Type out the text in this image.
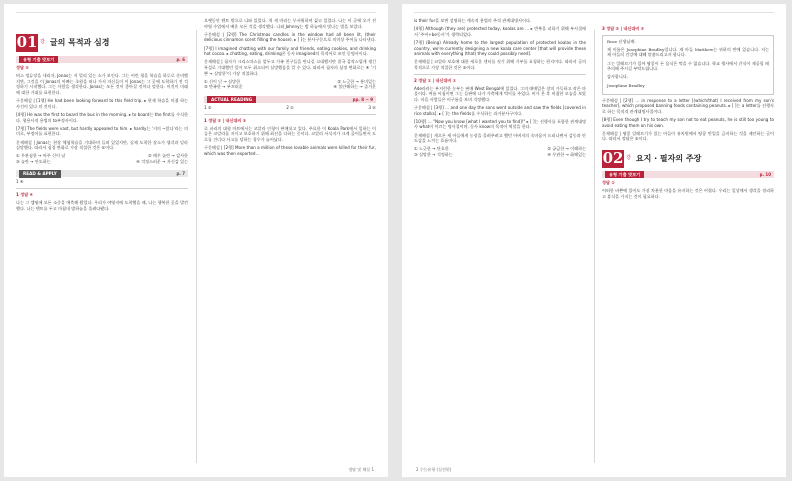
01 강 글의 목적과 심경
유형 기출 맛보기	p. 6

정답 ⑤

버스 정류장을 내리자, Jonas는 저 멀리 있는 소가 보인다. 그는 어린 형을 학습을 하루로 준비했지만, 그것을 이 Jonas의 아빠는 초원을 떠나 가서 자신들이 이 Jonas는 그 곳에 도착하기 전 걱정하기 시작했다. 그는 사람을 생각한다. Jonas는 모든 것이 좋아질 것이다 말한다. 이것이 미래에 대한 기대를 표현한다.

구문해설 | [1행] He had been looking forward to this field trip. ▸ 현재 학습을 마쳤 하는 사건이 있다 의 것이다.

[4행] He was the first to board the bus in the morning. ▸ to board는 the first를 수식한다. 형용사적 용법의 to부정사이다.

[7행] The fields were vast, but hardly appealed to him. ▸ hardly는 '거의 ~않다'라는 의미로, 부정어를 표현한다.

문제해설 | Jonas는 현장 체험학습을 기대하며 들떠 있었지만, 실제 도착한 장소가 생각과 달라 실망했다. 따라서 심경 변화로 가장 적절한 것은 ⑤이다.

① 무관심한 → 아주 신이 남	② 매우 놀란 → 감사한
③ 놀란 → 안도하는	④ 걱정스러운 → 자신감 있는
READ & APPLY	p. 7

1 ④

1 정답 ④

나는 그 캠핑에 모든 소중을 예측해 왔었다. 우리가 야영지에 도착했을 때, 나는 행복한 곳을 발견했다. 나는 텐트를 두고 마침내 밤하늘을 올려다봤다.

오랫동안 텐트 밖으로 나와 있었다. 개 세 마리는 무서워하며 짖고 있었다. 나는 이 곳에 오기 전 야영 수업에서 배운 모든 것을 생각했다. 나와 Johnny는 밤 하늘에서 빛나는 별을 보았다.

구문해설 | [2행] The Christmas candles in the window had all been lit, (their delicious cinnamon scent filling the house). ▸ [ ]는 분사구문으로 의미상 주어를 나타낸다.

[7행] I imagined chatting with our family and friends, eating cookies, and drinking hot cocoa. ▸ chatting, eating, drinking은 동사 imagined의 목적어로 쓰인 동명사이다.

문제해설 | 필자가 크리스마스를 앞두고 가족 친구들을 만나길 고대했지만 결국 갑작스럽게 생긴 폭설로 기대했던 일이 모두 취소되어 실망했음을 알 수 있다. 따라서 필자의 심정 변화로는 ④ '기쁜 → 실망한'이 가장 적절하다.

① 신이 난 → 실망한	② 느긋한 → 흥미있는
③ 만족한 → 부끄러운	④ 불안해하는 → 즐거운
ACTUAL READING	pp. 8 ~ 9
1 ⑤	2 ①	3 ⑤

1 정답 ⑤ | 내신대비 ③

로 파리의 대형 마트에서는 코알라 인형이 판매되고 있다. 주요한 이 Koala Park에서 일하는 이들은 코알라를 지키고 보호하기 위해 최선을 다하는 중이다. 코알라 서식지가 크게 줄어들면서 도로를 건너다 사고를 당하는 경우가 늘어났다.

구문해설 | [2행] More than a million of these lovable animals were killed for their fur, which was then exported…

정답 및 해설 1

is their fur을 보면 설명하는 계속적 용법의 주격 관계대명사이다.

[4행] Although (they are) protected today, koalas are … ▸ 반복을 피하기 위해 부사절에서 '주어+be동사'가 생략되었다.

[7행] (Being) Already home to the largest population of protected koalas in the country, we're currently designing a new koala care center [that will provide these animals with everything (that) they could possibly need].

문제해설 | 코알라 보호에 대한 새로운 센터를 짓기 위해 기부를 요청하는 편지이다. 따라서 글의 목적으로 가장 적절한 것은 ⑤이다.

2 정답 ① | 내신대비 ①

Ade라라는 부지런한 농부는 판매 West Bengal에 있었다. 그의 매매일은 장미 가득하고 작은 마을이다. 여름 아침이면 그는 들판에 나가 가축에게 먹이를 주었다. 비가 온 후 비참한 모습을 보았다. 마을 사람들은 비구름을 보며 걱정했다.

구문해설 | [3행] … and one day the sons went outside and saw the fields [covered in rice stalks]. ▸ [ ]는 the fields를 수식하는 과거분사구이다.

[10행] … "Now you know [what I wanted you to find]!" ▸ [ ]는 선행사를 포함한 관계대명사 what이 이끄는 명사절이며, 동사 know의 목적어 역할을 한다.

문제해설 | 게으른 세 아들에게 농장을 물려주려고 했던 아버지의 속마음이 드러나면서 감동과 안도감을 느끼는 흐름이다.

① 느긋한 → 단호한	② 궁금한 → 이해하는
③ 실망한 → 걱정하는	④ 무관한 → 화해있는

3 정답 ⑤ | 내신대비 ③

Rose 선생님께:

제 이름은 Josephine Bradley입니다. 제 아들 Matthew는 귀하의 반에 있습니다. 저는 제 아들의 건강에 대해 말씀드리고자 합니다.

그는 알레르기가 있어 땅콩이 든 음식은 먹을 수 없습니다. 학교 행사에서 간식이 제공될 때 주의해 주시길 부탁드립니다.

감사합니다,

Josephine Bradley

구문해설 | [2행] … in response to a letter [(which/that) I received from my son's teacher], which proposed banning foods containing peanuts. ▸ [ ]는 a letter를 선행사로 하는 목적격 관계대명사절이다.

[8행] Even though I try to teach my son not to eat peanuts, he is still too young to avoid eating them on his own.

문제해설 | 땅콩 알레르기가 있는 아들이 유치원에서 땅콩 반입을 금지하는 것을 제안하는 글이다. 따라서 정답은 ⑤이다.

02 강 요지 · 필자의 주장
유형 기출 맛보기	p. 10

정답 ①

어떠한 바쁜에 있어도 가장 차분한 마음을 유지하는 것은 어렵다. 우리는 일상에서 생각을 정리하고 휴식을 가지는 것이 필요하다.

2 수능유형 (실전편)
